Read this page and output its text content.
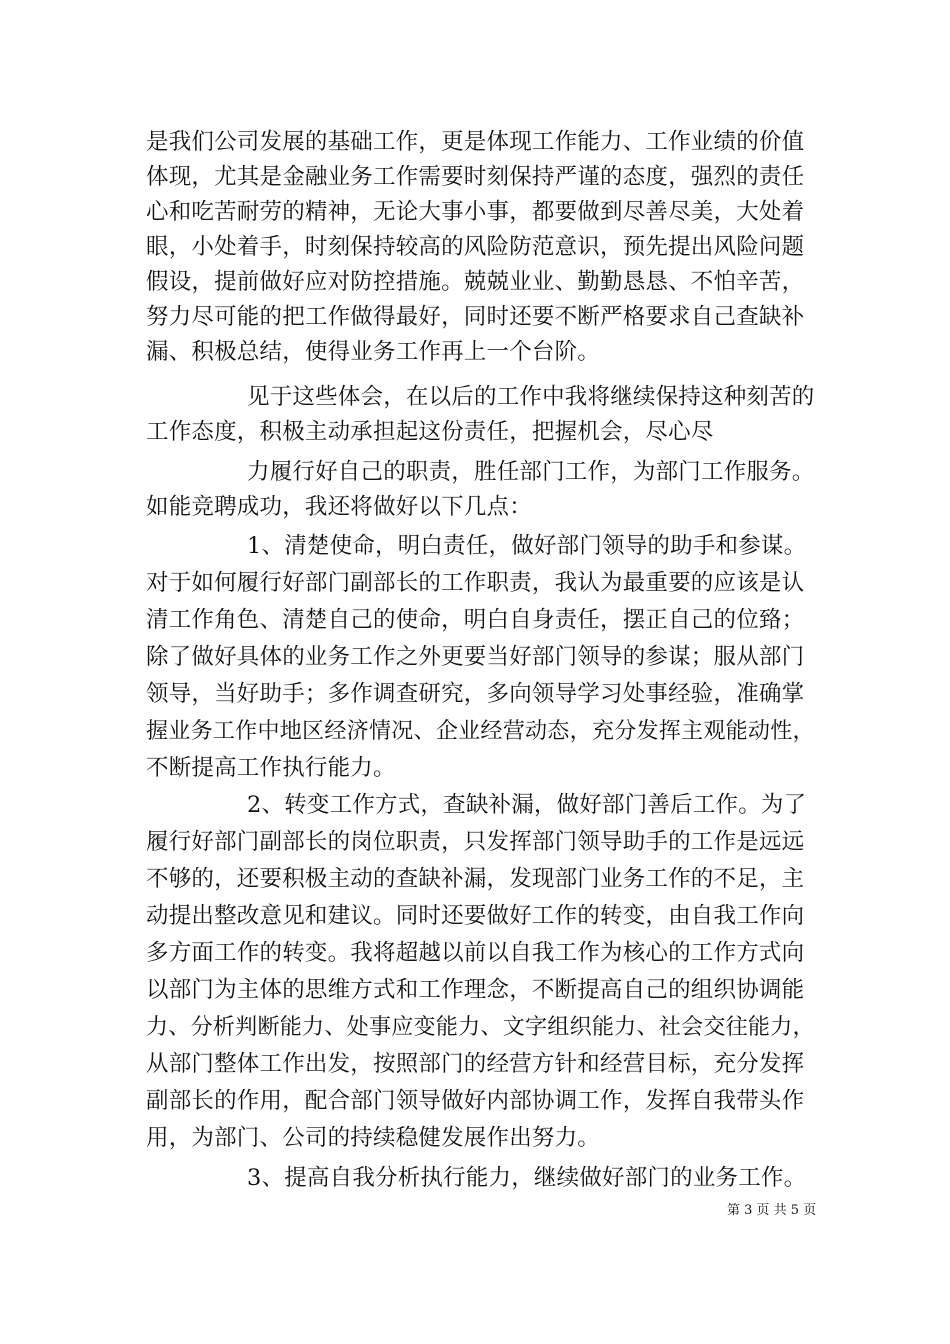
是我们公司发展的基础工作，更是体现工作能力、工作业绩的价值
体现，尤其是金融业务工作需要时刻保持严谨的态度，强烈的责任
心和吃苦耐劳的精神，无论大事小事，都要做到尽善尽美，大处着
眼，小处着手，时刻保持较高的风险防范意识，预先提出风险问题
假设，提前做好应对防控措施。兢兢业业、勤勤恳恳、不怕辛苦，
努力尽可能的把工作做得最好，同时还要不断严格要求自己查缺补
漏、积极总结，使得业务工作再上一个台阶。
见于这些体会，在以后的工作中我将继续保持这种刻苦的
工作态度，积极主动承担起这份责任，把握机会，尽心尽
力履行好自己的职责，胜任部门工作，为部门工作服务。
如能竞聘成功，我还将做好以下几点：
1、清楚使命，明白责任，做好部门领导的助手和参谋。
对于如何履行好部门副部长的工作职责，我认为最重要的应该是认
清工作角色、清楚自己的使命，明白自身责任，摆正自己的位臵；
除了做好具体的业务工作之外更要当好部门领导的参谋；服从部门
领导，当好助手；多作调查研究，多向领导学习处事经验，准确掌
握业务工作中地区经济情况、企业经营动态，充分发挥主观能动性，
不断提高工作执行能力。
2、转变工作方式，查缺补漏，做好部门善后工作。为了
履行好部门副部长的岗位职责，只发挥部门领导助手的工作是远远
不够的，还要积极主动的查缺补漏，发现部门业务工作的不足，主
动提出整改意见和建议。同时还要做好工作的转变，由自我工作向
多方面工作的转变。我将超越以前以自我工作为核心的工作方式向
以部门为主体的思维方式和工作理念，不断提高自己的组织协调能
力、分析判断能力、处事应变能力、文字组织能力、社会交往能力，
从部门整体工作出发，按照部门的经营方针和经营目标，充分发挥
副部长的作用，配合部门领导做好内部协调工作，发挥自我带头作
用，为部门、公司的持续稳健发展作出努力。
3、提高自我分析执行能力，继续做好部门的业务工作。
第 3 页 共 5 页
